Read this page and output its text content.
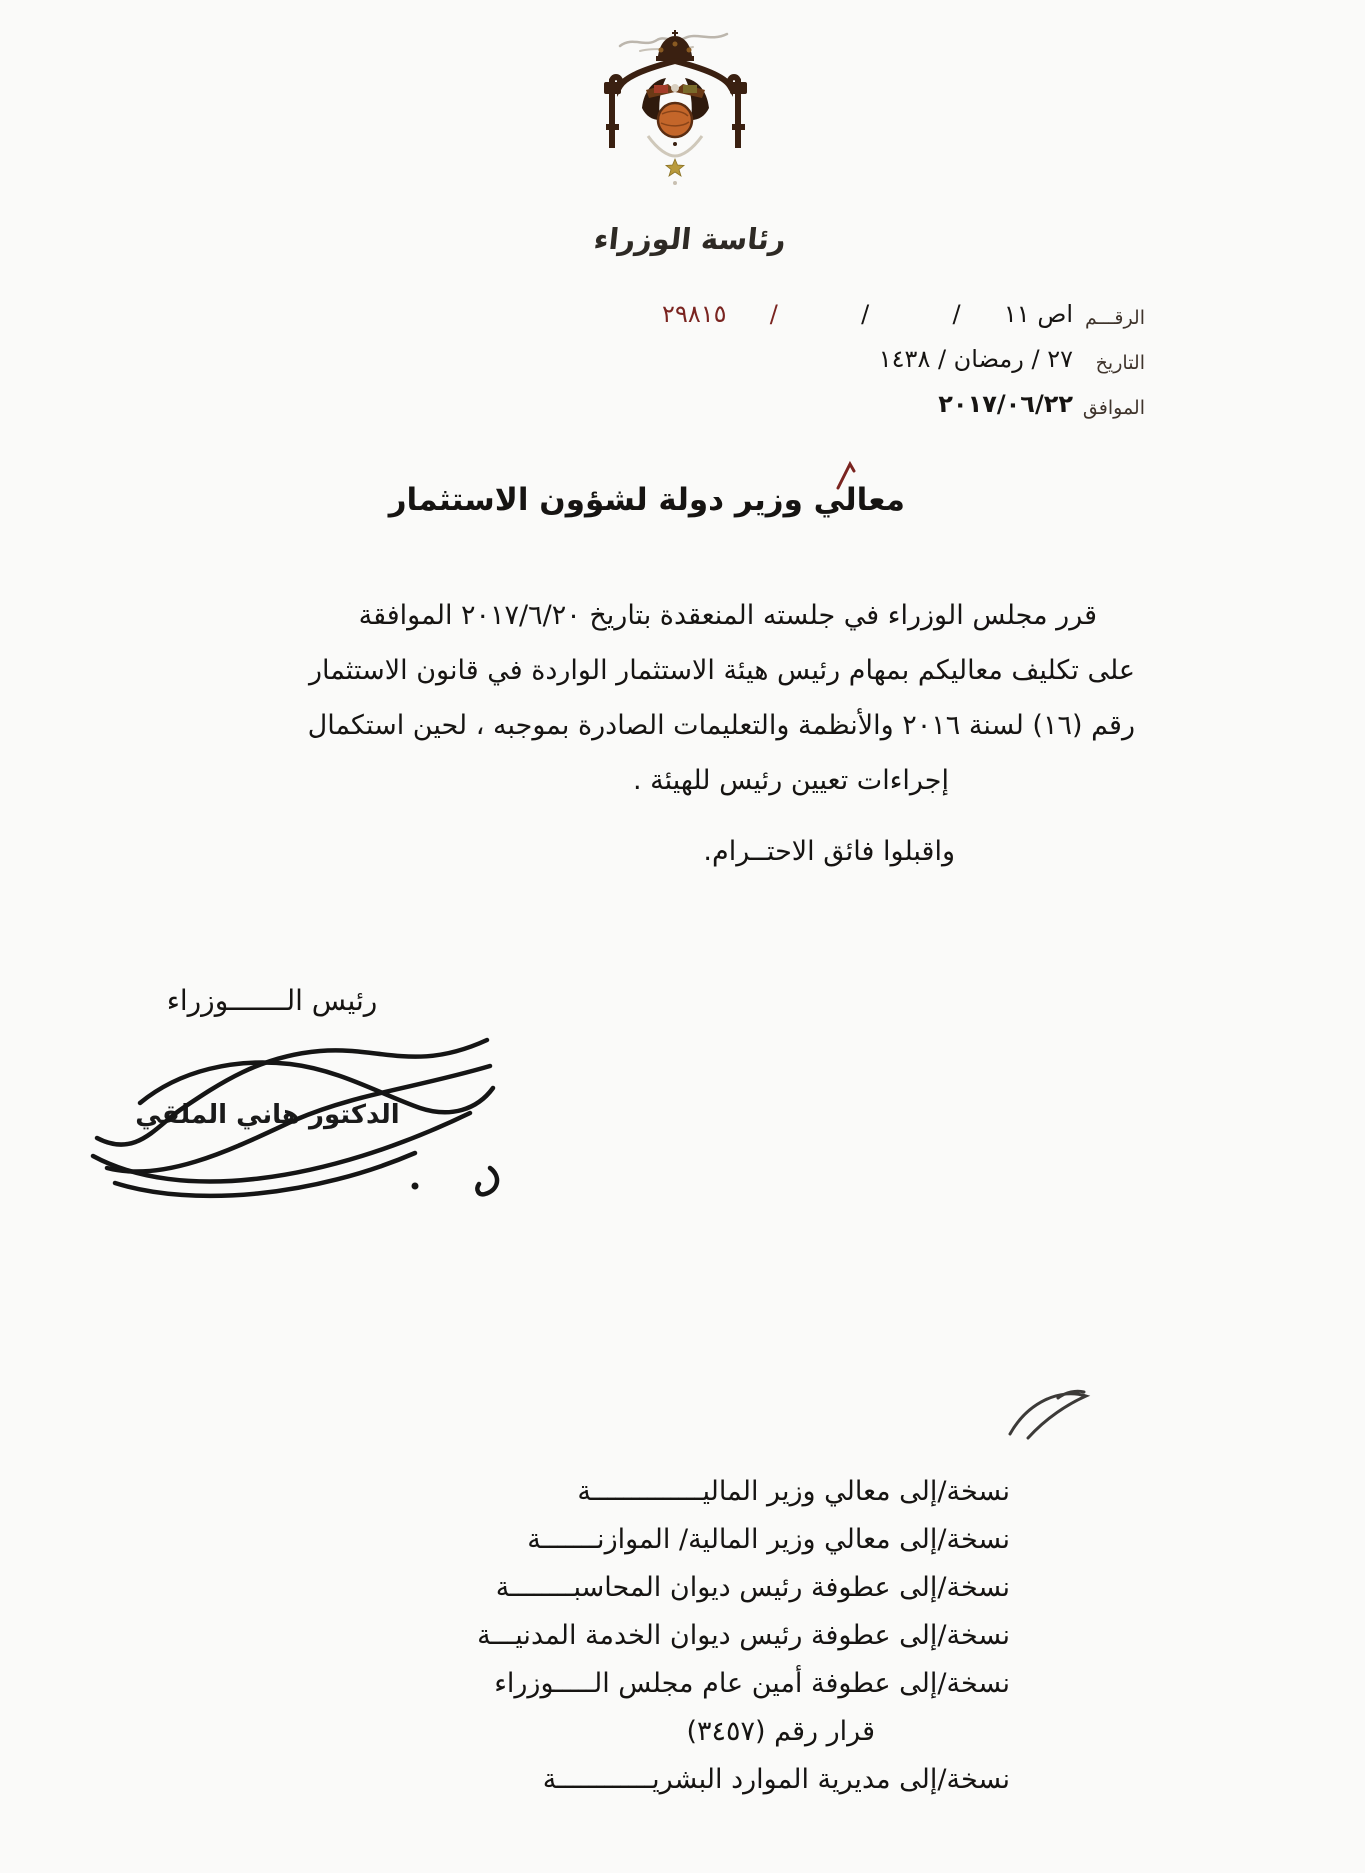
رئاسة الوزراء
الرقـــم
التاريخ
الموافق
اص ١١  /  /  /  ٢٩٨١٥
٢٧ / رمضان / ١٤٣٨
٢٠١٧/٠٦/٢٢
معالي وزير دولة لشؤون الاستثمار
قرر مجلس الوزراء في جلسته المنعقدة بتاريخ ٢٠١٧/٦/٢٠ الموافقة
على تكليف معاليكم بمهام رئيس هيئة الاستثمار الواردة في قانون الاستثمار
رقم (١٦) لسنة ٢٠١٦ والأنظمة والتعليمات الصادرة بموجبه ، لحين استكمال
إجراءات تعيين رئيس للهيئة .
واقبلوا فائق الاحتــرام.
رئيس الـــــــوزراء
الدكتور هاني الملقي
نسخة/إلى معالي وزير الماليــــــــــــــة
نسخة/إلى معالي وزير المالية/ الموازنـــــــة
نسخة/إلى عطوفة رئيس ديوان المحاسبــــــــة
نسخة/إلى عطوفة رئيس ديوان الخدمة المدنيـــة
نسخة/إلى عطوفة أمين عام مجلس الـــــوزراء
قرار رقم (٣٤٥٧)
نسخة/إلى مديرية الموارد البشريــــــــــــة
